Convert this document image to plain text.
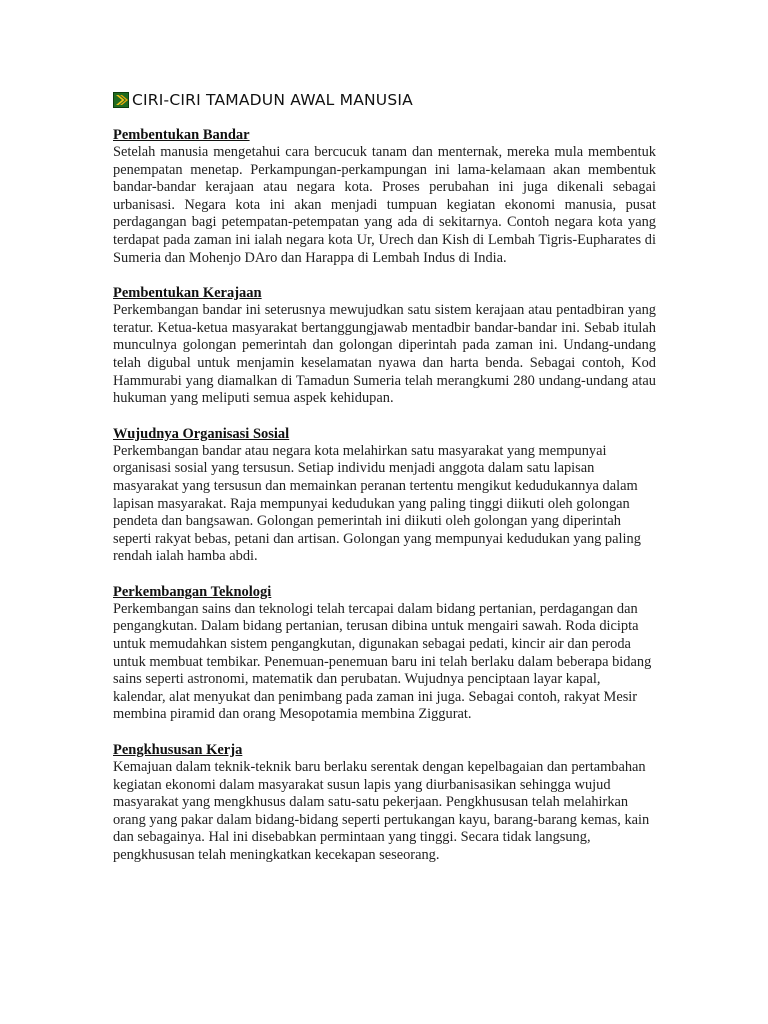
CIRI-CIRI TAMADUN AWAL MANUSIA
Pembentukan Bandar

Setelah manusia mengetahui cara bercucuk tanam dan menternak, mereka mula membentuk penempatan menetap. Perkampungan-perkampungan ini lama-kelamaan akan membentuk bandar-bandar kerajaan atau negara kota. Proses perubahan ini juga dikenali sebagai urbanisasi. Negara kota ini akan menjadi tumpuan kegiatan ekonomi manusia, pusat perdagangan bagi petempatan-petempatan yang ada di sekitarnya. Contoh negara kota yang terdapat pada zaman ini ialah negara kota Ur, Urech dan Kish di Lembah Tigris-Eupharates di Sumeria dan Mohenjo DAro dan Harappa di Lembah Indus di India.

Pembentukan Kerajaan

Perkembangan bandar ini seterusnya mewujudkan satu sistem kerajaan atau pentadbiran yang teratur. Ketua-ketua masyarakat bertanggungjawab mentadbir bandar-bandar ini. Sebab itulah munculnya golongan pemerintah dan golongan diperintah pada zaman ini. Undang-undang telah digubal untuk menjamin keselamatan nyawa dan harta benda. Sebagai contoh, Kod Hammurabi yang diamalkan di Tamadun Sumeria telah merangkumi 280 undang-undang atau hukuman yang meliputi semua aspek kehidupan.

Wujudnya Organisasi Sosial

Perkembangan bandar atau negara kota melahirkan satu masyarakat yang mempunyai organisasi sosial yang tersusun. Setiap individu menjadi anggota dalam satu lapisan masyarakat yang tersusun dan memainkan peranan tertentu mengikut kedudukannya dalam lapisan masyarakat. Raja mempunyai kedudukan yang paling tinggi diikuti oleh golongan pendeta dan bangsawan. Golongan pemerintah ini diikuti oleh golongan yang diperintah seperti rakyat bebas, petani dan artisan. Golongan yang mempunyai kedudukan yang paling rendah ialah hamba abdi.

Perkembangan Teknologi

Perkembangan sains dan teknologi telah tercapai dalam bidang pertanian, perdagangan dan pengangkutan. Dalam bidang pertanian, terusan dibina untuk mengairi sawah. Roda dicipta untuk memudahkan sistem pengangkutan, digunakan sebagai pedati, kincir air dan peroda untuk membuat tembikar. Penemuan-penemuan baru ini telah berlaku dalam beberapa bidang sains seperti astronomi, matematik dan perubatan. Wujudnya penciptaan layar kapal, kalendar, alat menyukat dan penimbang pada zaman ini juga. Sebagai contoh, rakyat Mesir membina piramid dan orang Mesopotamia membina Ziggurat.

Pengkhususan Kerja

Kemajuan dalam teknik-teknik baru berlaku serentak dengan kepelbagaian dan pertambahan kegiatan ekonomi dalam masyarakat susun lapis yang diurbanisasikan sehingga wujud masyarakat yang mengkhusus dalam satu-satu pekerjaan. Pengkhususan telah melahirkan orang yang pakar dalam bidang-bidang seperti pertukangan kayu, barang-barang kemas, kain dan sebagainya. Hal ini disebabkan permintaan yang tinggi. Secara tidak langsung, pengkhususan telah meningkatkan kecekapan seseorang.
